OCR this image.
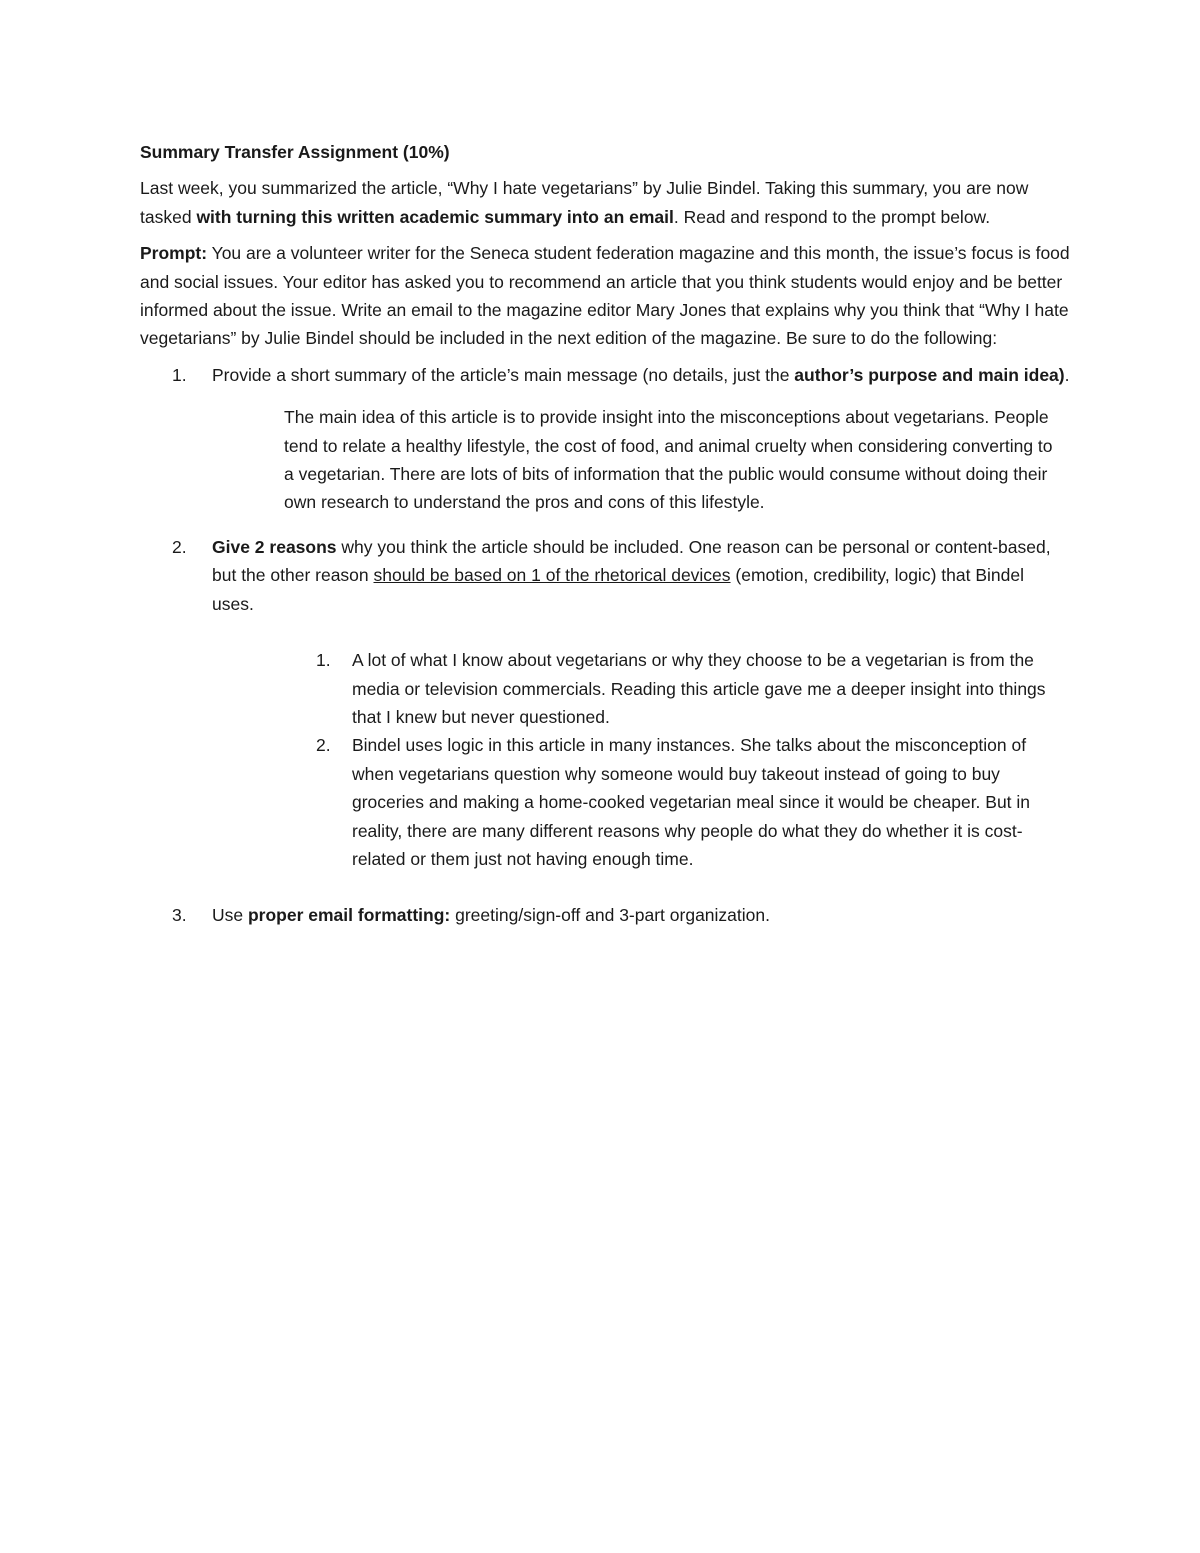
Summary Transfer Assignment (10%)

Last week, you summarized the article, “Why I hate vegetarians” by Julie Bindel. Taking this summary, you are now tasked with turning this written academic summary into an email. Read and respond to the prompt below.

Prompt: You are a volunteer writer for the Seneca student federation magazine and this month, the issue’s focus is food and social issues. Your editor has asked you to recommend an article that you think students would enjoy and be better informed about the issue. Write an email to the magazine editor Mary Jones that explains why you think that “Why I hate vegetarians” by Julie Bindel should be included in the next edition of the magazine. Be sure to do the following:

1. Provide a short summary of the article’s main message (no details, just the author’s purpose and main idea).

The main idea of this article is to provide insight into the misconceptions about vegetarians. People tend to relate a healthy lifestyle, the cost of food, and animal cruelty when considering converting to a vegetarian. There are lots of bits of information that the public would consume without doing their own research to understand the pros and cons of this lifestyle.

2. Give 2 reasons why you think the article should be included. One reason can be personal or content-based, but the other reason should be based on 1 of the rhetorical devices (emotion, credibility, logic) that Bindel uses.
1. A lot of what I know about vegetarians or why they choose to be a vegetarian is from the media or television commercials. Reading this article gave me a deeper insight into things that I knew but never questioned.
2. Bindel uses logic in this article in many instances. She talks about the misconception of when vegetarians question why someone would buy takeout instead of going to buy groceries and making a home-cooked vegetarian meal since it would be cheaper. But in reality, there are many different reasons why people do what they do whether it is cost-related or them just not having enough time.
3. Use proper email formatting: greeting/sign-off and 3-part organization.
